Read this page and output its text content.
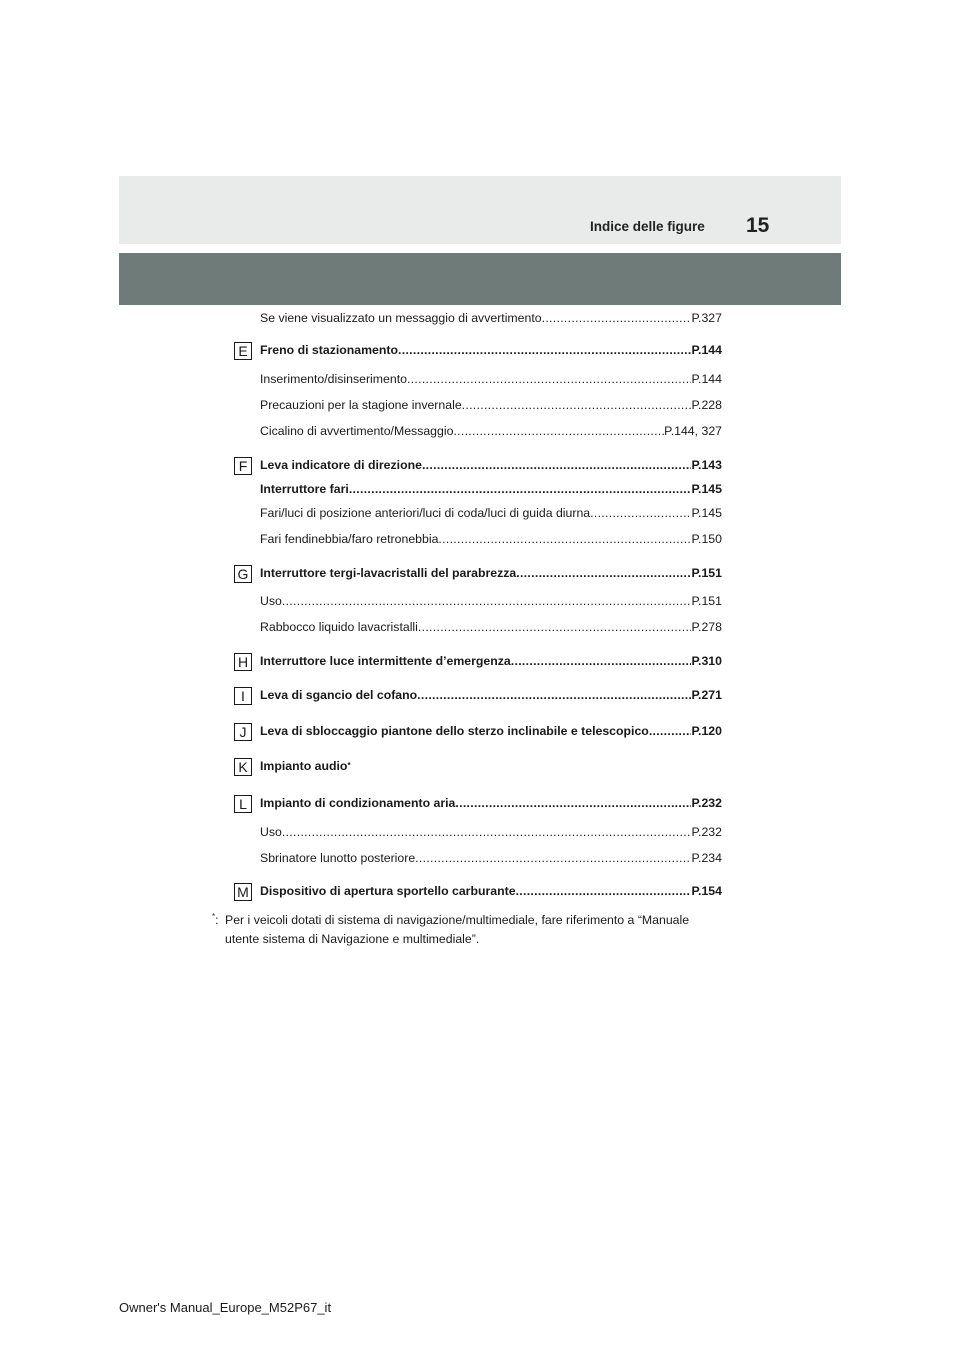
Indice delle figure 15
Se viene visualizzato un messaggio di avvertimento .....	P.327
E	Freno di stazionamento .....	P.144
Inserimento/disinserimento .....	P.144
Precauzioni per la stagione invernale .....	P.228
Cicalino di avvertimento/Messaggio .....	P.144, 327
F	Leva indicatore di direzione .....	P.143
Interruttore fari .....	P.145
Fari/luci di posizione anteriori/luci di coda/luci di guida diurna .....	P.145
Fari fendinebbia/faro retronebbia .....	P.150
G Interruttore tergi-lavacristalli del parabrezza .....	P.151
Uso .....	P.151
Rabbocco liquido lavacristalli .....	P.278
H Interruttore luce intermittente d’emergenza .....	P.310
I	Leva di sgancio del cofano .....	P.271
J	Leva di sbloccaggio piantone dello sterzo inclinabile e telescopico .....	P.120
K	Impianto audio*
L	Impianto di condizionamento aria .....	P.232
Uso .....	P.232
Sbrinatore lunotto posteriore .....	P.234
M Dispositivo di apertura sportello carburante .....	P.154
*: Per i veicoli dotati di sistema di navigazione/multimediale, fare riferimento a “Manuale
utente sistema di Navigazione e multimediale”.
Owner's Manual_Europe_M52P67_it
